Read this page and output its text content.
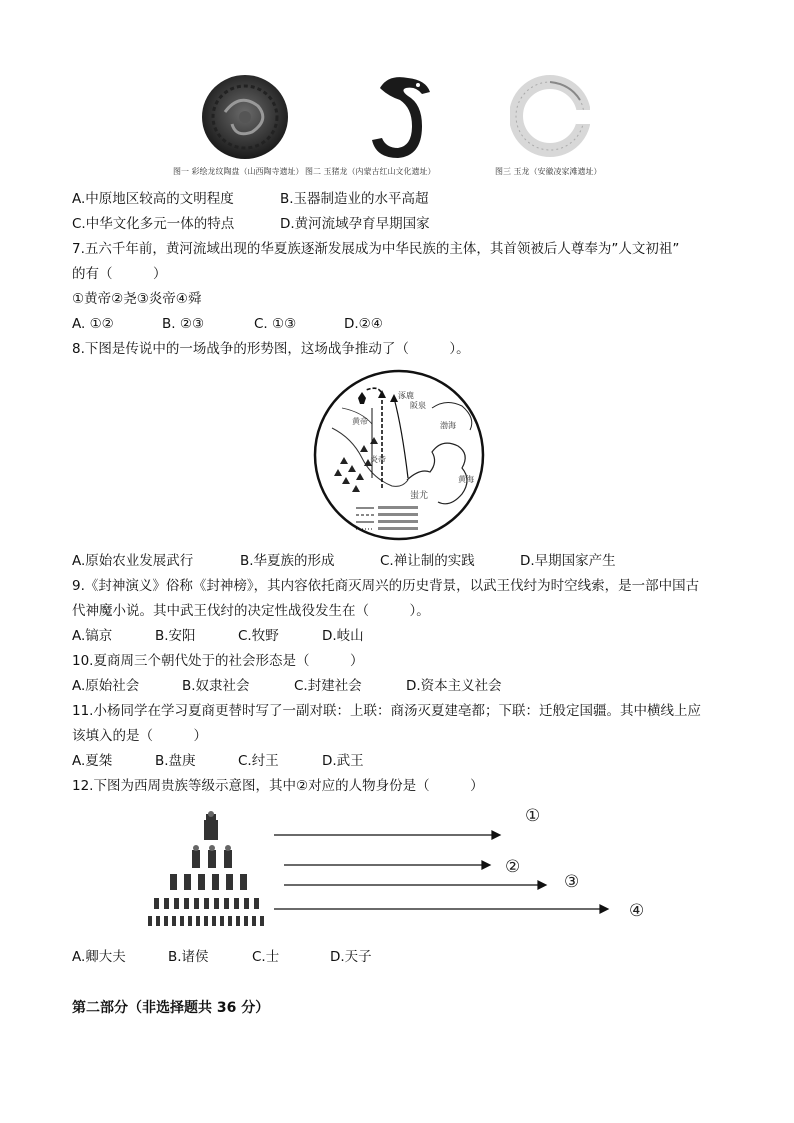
图一 彩绘龙纹陶盘（山西陶寺遗址） 图二 玉猪龙（内蒙古红山文化遗址）	图三 玉龙（安徽凌家滩遗址）
A.中原地区较高的文明程度	B.玉器制造业的水平高超
C.中华文化多元一体的特点	D.黄河流域孕育早期国家
7.五六千年前，黄河流域出现的华夏族逐渐发展成为中华民族的主体，其首领被后人尊奉为”人文初祖”
的有（　　　）
①黄帝②尧③炎帝④舜
A. ①②	B. ②③	C. ①③	D.②④
8.下图是传说中的一场战争的形势图，这场战争推动了（　　　）。
涿鹿
阪泉
黄帝
炎帝
蚩尤
渤海
黄海
A.原始农业发展武行	B.华夏族的形成	C.禅让制的实践	D.早期国家产生
9.《封神演义》俗称《封神榜》，其内容依托商灭周兴的历史背景，以武王伐纣为时空线索，是一部中国古
代神魔小说。其中武王伐纣的决定性战役发生在（　　　）。
A.镐京	B.安阳	C.牧野	D.岐山
10.夏商周三个朝代处于的社会形态是（　　　）
A.原始社会	B.奴隶社会	C.封建社会	D.资本主义社会
11.小杨同学在学习夏商更替时写了一副对联：上联：商汤灭夏建亳都；下联：迁般定国疆。其中横线上应
该填入的是（　　　）
A.夏桀	B.盘庚	C.纣王	D.武王
12.下图为西周贵族等级示意图，其中②对应的人物身份是（　　　）
①
②
③
④
A.卿大夫	B.诸侯	C.士	D.天子
第二部分（非选择题共 36 分）
